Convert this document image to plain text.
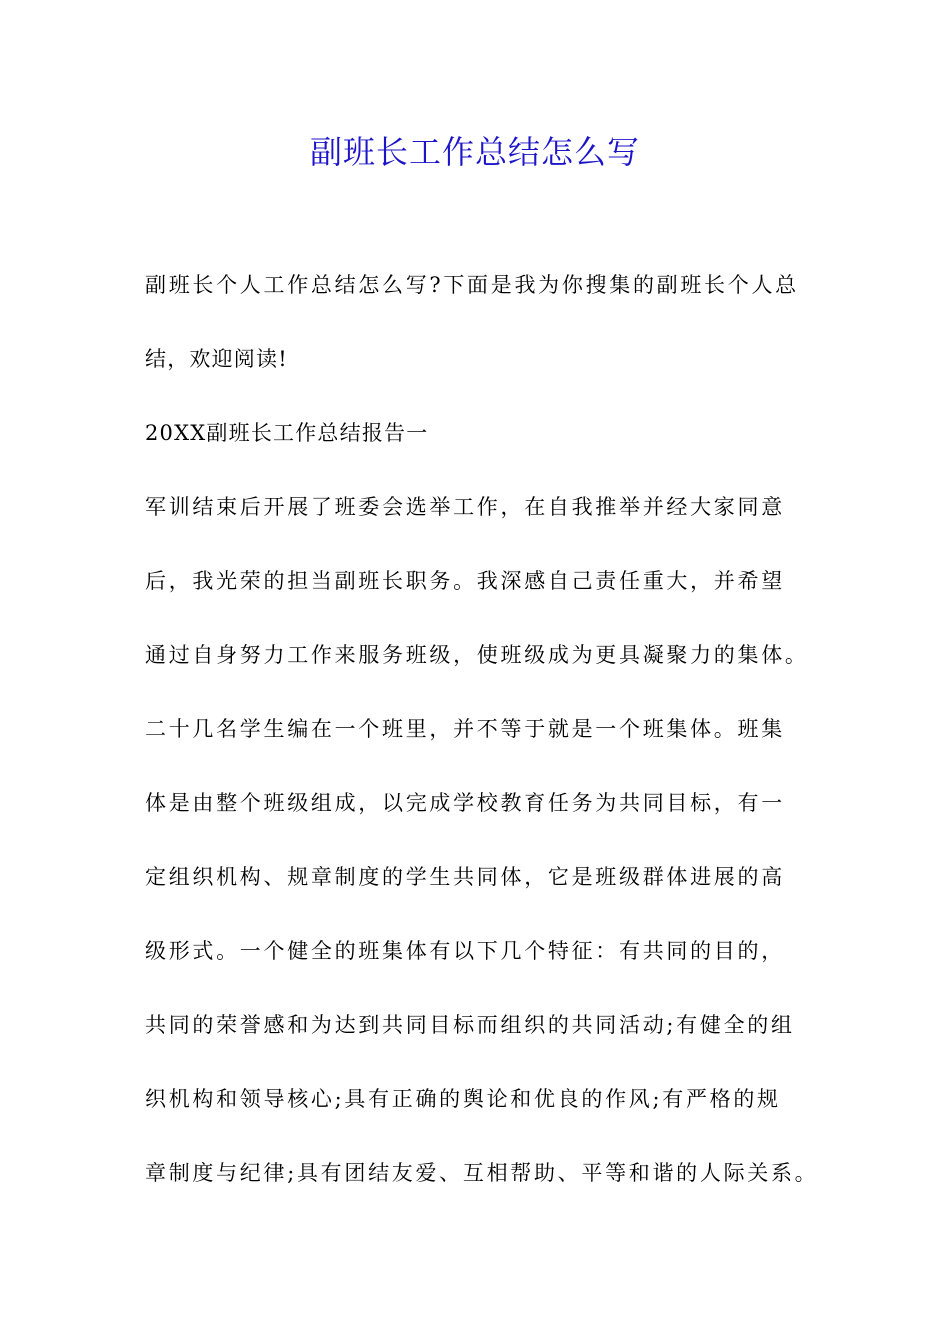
副班长工作总结怎么写
副班长个人工作总结怎么写?下面是我为你搜集的副班长个人总
结，欢迎阅读!
20XX副班长工作总结报告一
军训结束后开展了班委会选举工作，在自我推举并经大家同意
后，我光荣的担当副班长职务。我深感自己责任重大，并希望
通过自身努力工作来服务班级，使班级成为更具凝聚力的集体。
二十几名学生编在一个班里，并不等于就是一个班集体。班集
体是由整个班级组成，以完成学校教育任务为共同目标，有一
定组织机构、规章制度的学生共同体，它是班级群体进展的高
级形式。一个健全的班集体有以下几个特征：有共同的目的，
共同的荣誉感和为达到共同目标而组织的共同活动;有健全的组
织机构和领导核心;具有正确的舆论和优良的作风;有严格的规
章制度与纪律;具有团结友爱、互相帮助、平等和谐的人际关系。
